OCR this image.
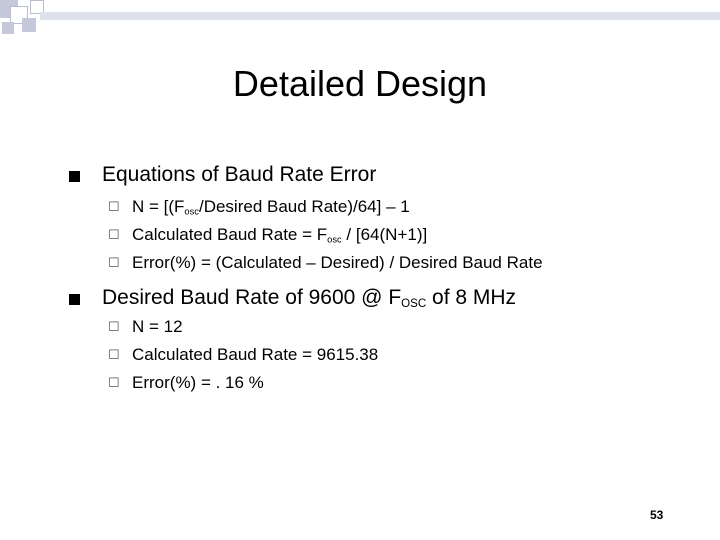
Detailed Design
Equations of Baud Rate Error
☐ $N = [(F_{osc}$/Desired Baud Rate)/64] – 1
☐ Calculated Baud Rate = $F_{osc} / [64(N+1)]$
☐ Error(%) = (Calculated – Desired) / Desired Baud Rate
Desired Baud Rate of 9600 @ $F_{OSC}$ of 8 MHz
☐ N = 12
☐ Calculated Baud Rate = 9615.38
☐ Error(%) = . 16 %
53
